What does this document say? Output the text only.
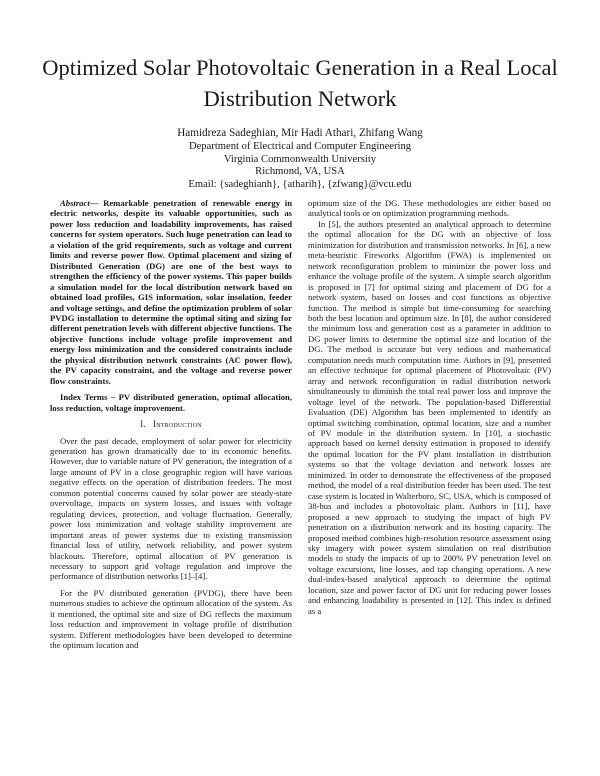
Optimized Solar Photovoltaic Generation in a Real Local Distribution Network
Hamidreza Sadeghian, Mir Hadi Athari, Zhifang Wang
Department of Electrical and Computer Engineering
Virginia Commonwealth University
Richmond, VA, USA
Email: {sadeghianh}, {atharih}, {zfwang}@vcu.edu

Abstract— Remarkable penetration of renewable energy in electric networks, despite its valuable opportunities, such as power loss reduction and loadability improvements, has raised concerns for system operators. Such huge penetration can lead to a violation of the grid requirements, such as voltage and current limits and reverse power flow. Optimal placement and sizing of Distributed Generation (DG) are one of the best ways to strengthen the efficiency of the power systems. This paper builds a simulation model for the local distribution network based on obtained load profiles, GIS information, solar insolation, feeder and voltage settings, and define the optimization problem of solar PVDG installation to determine the optimal siting and sizing for different penetration levels with different objective functions. The objective functions include voltage profile improvement and energy loss minimization and the considered constraints include the physical distribution network constraints (AC power flow), the PV capacity constraint, and the voltage and reverse power flow constraints.

Index Terms – PV distributed generation, optimal allocation, loss reduction, voltage improvement.

I. Introduction

Over the past decade, employment of solar power for electricity generation has grown dramatically due to its economic benefits. However, due to variable nature of PV generation, the integration of a large amount of PV in a close geographic region will have various negative effects on the operation of distribution feeders. The most common potential concerns caused by solar power are steady-state overvoltage, impacts on system losses, and issues with voltage regulating devices, protection, and voltage fluctuation. Generally, power loss minimization and voltage stability improvement are important areas of power systems due to existing transmission financial loss of utility, network reliability, and power system blackouts. Therefore, optimal allocation of PV generation is necessary to support grid voltage regulation and improve the performance of distribution networks [1]–[4].

For the PV distributed generation (PVDG), there have been numerous studies to achieve the optimum allocation of the system. As it mentioned, the optimal site and size of DG reflects the maximum loss reduction and improvement in voltage profile of distribution system. Different methodologies have been developed to determine the optimum location and

optimum size of the DG. These methodologies are either based on analytical tools or on optimization programming methods.

In [5], the authors presented an analytical approach to determine the optimal allocation for the DG with an objective of loss minimization for distribution and transmission networks. In [6], a new meta-heuristic Fireworks Algorithm (FWA) is implemented on network reconfiguration problem to minimize the power loss and enhance the voltage profile of the system. A simple search algorithm is proposed in [7] for optimal sizing and placement of DG for a network system, based on losses and cost functions as objective function. The method is simple but time-consuming for searching both the best location and optimum size. In [8], the author considered the minimum loss and generation cost as a parameter in addition to DG power limits to determine the optimal size and location of the DG. The method is accurate but very tedious and mathematical computation needs much computation time. Authors in [9], presented an effective technique for optimal placement of Photovoltaic (PV) array and network reconfiguration in radial distribution network simultaneously to diminish the total real power loss and improve the voltage level of the network. The population-based Differential Evaluation (DE) Algorithm has been implemented to identify an optimal switching combination, optimal location, size and a number of PV module in the distribution system. In [10], a stochastic approach based on kernel density estimation is proposed to identify the optimal location for the PV plant installation in distribution systems so that the voltage deviation and network losses are minimized. In order to demonstrate the effectiveness of the proposed method, the model of a real distribution feeder has been used. The test case system is located in Walterboro, SC, USA, which is composed of 38-bus and includes a photovoltaic plant. Authors in [11], have proposed a new approach to studying the impact of high PV penetration on a distribution network and its hosting capacity. The proposed method combines high-resolution resource assessment using sky imagery with power system simulation on real distribution models to study the impacts of up to 200% PV penetration level on voltage excursions, line losses, and tap changing operations. A new dual-index-based analytical approach to determine the optimal location, size and power factor of DG unit for reducing power losses and enhancing loadability is presented in [12]. This index is defined as a
